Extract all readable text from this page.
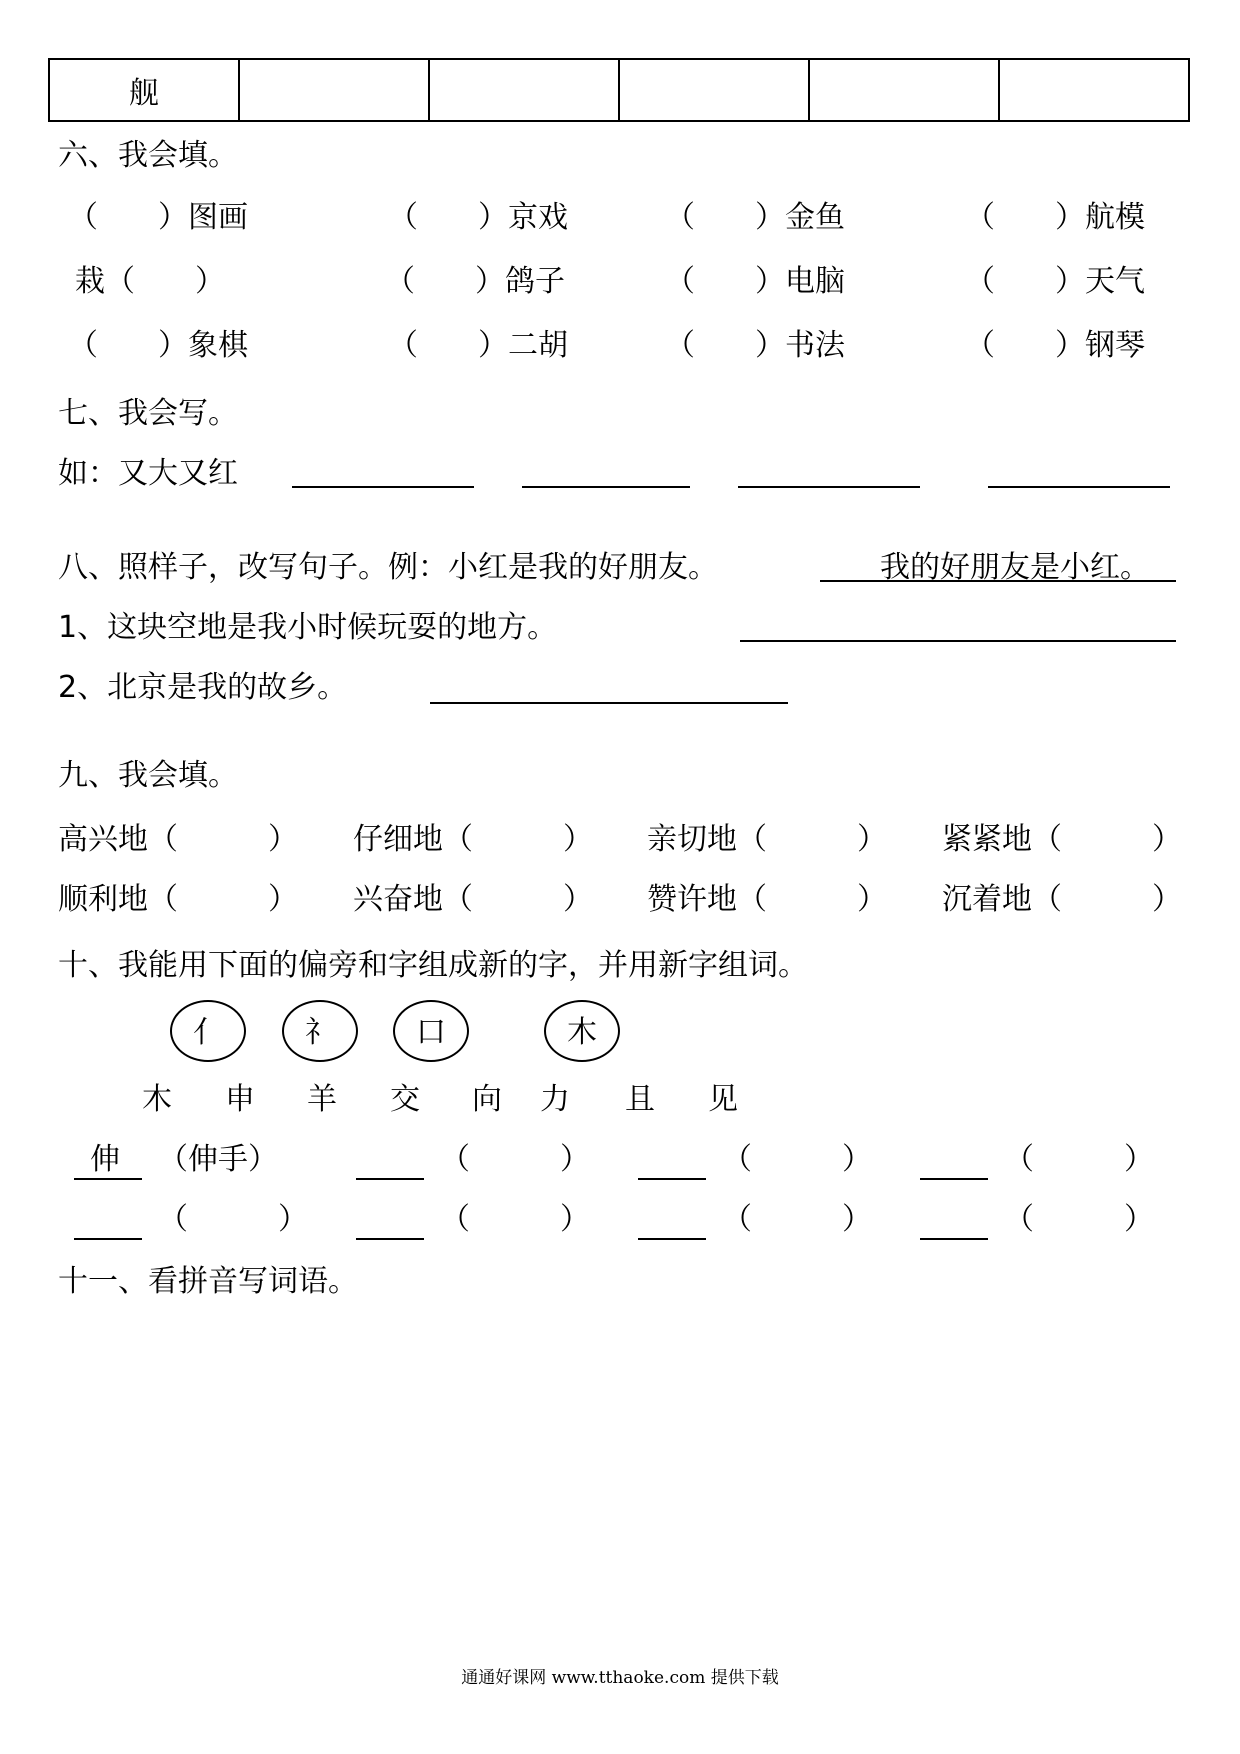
舰					
六、我会填。
（　　）图画	（　　）京戏	（　　）金鱼	（　　）航模
栽（　　）	（　　）鸽子	（　　）电脑	（　　）天气
（　　）象棋	（　　）二胡	（　　）书法	（　　）钢琴
七、我会写。
如：又大又红
八、照样子，改写句子。例：小红是我的好朋友。	我的好朋友是小红。
1、这块空地是我小时候玩耍的地方。
2、北京是我的故乡。
九、我会填。
高兴地（　　　） 仔细地（　　　） 亲切地（　　　） 紧紧地（　　　）
顺利地（　　　） 兴奋地（　　　） 赞许地（　　　） 沉着地（　　　）
十、我能用下面的偏旁和字组成新的字，并用新字组词。
亻	礻	口	木
木 申 羊 交 向 力 且 见
伸 （伸手）	（　　　）	（　　　）	（　　　）
（　　　）	（　　　）	（　　　）	（　　　）
十一、看拼音写词语。
通通好课网 www.tthaoke.com 提供下载
